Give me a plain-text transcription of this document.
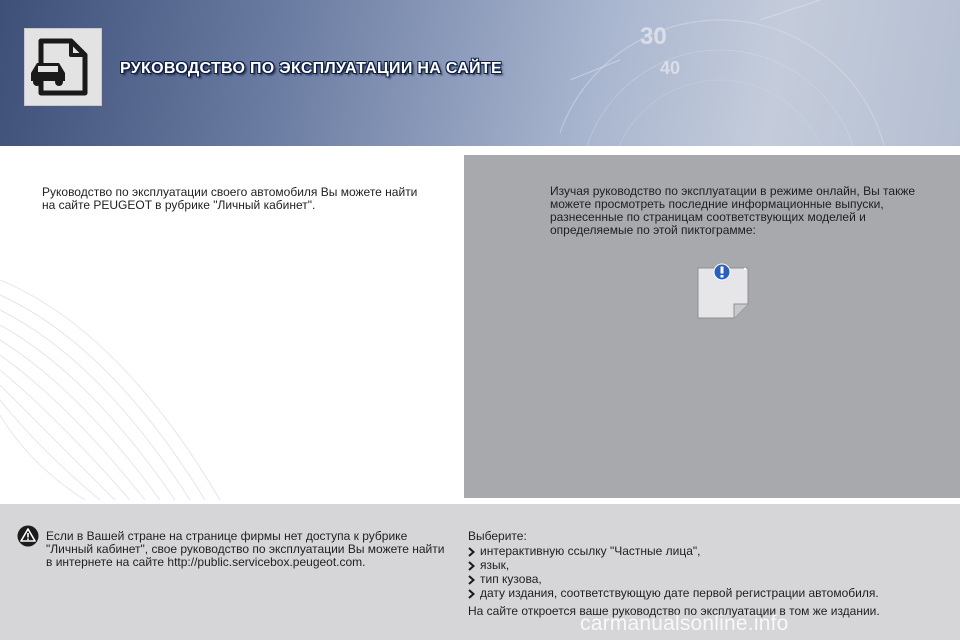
30
40
РУКОВОДСТВО ПО ЭКСПЛУАТАЦИИ НА САЙТЕ

Руководство по эксплуатации своего автомобиля Вы можете найти на сайте PEUGEOT в рубрике "Личный кабинет".

Изучая руководство по эксплуатации в режиме онлайн, Вы также можете просмотреть последние информационные выпуски, разнесенные по страницам соответствующих моделей и определяемые по этой пиктограмме:

Если в Вашей стране на странице фирмы нет доступа к рубрике "Личный кабинет", свое руководство по эксплуатации Вы можете найти в интернете на сайте http://public.servicebox.peugeot.com.

Выберите:

интерактивную ссылку "Частные лица",
язык,
тип кузова,
дату издания, соответствующую дате первой регистрации автомобиля.

На сайте откроется ваше руководство по эксплуатации в том же издании.

carmanualsonline.info
